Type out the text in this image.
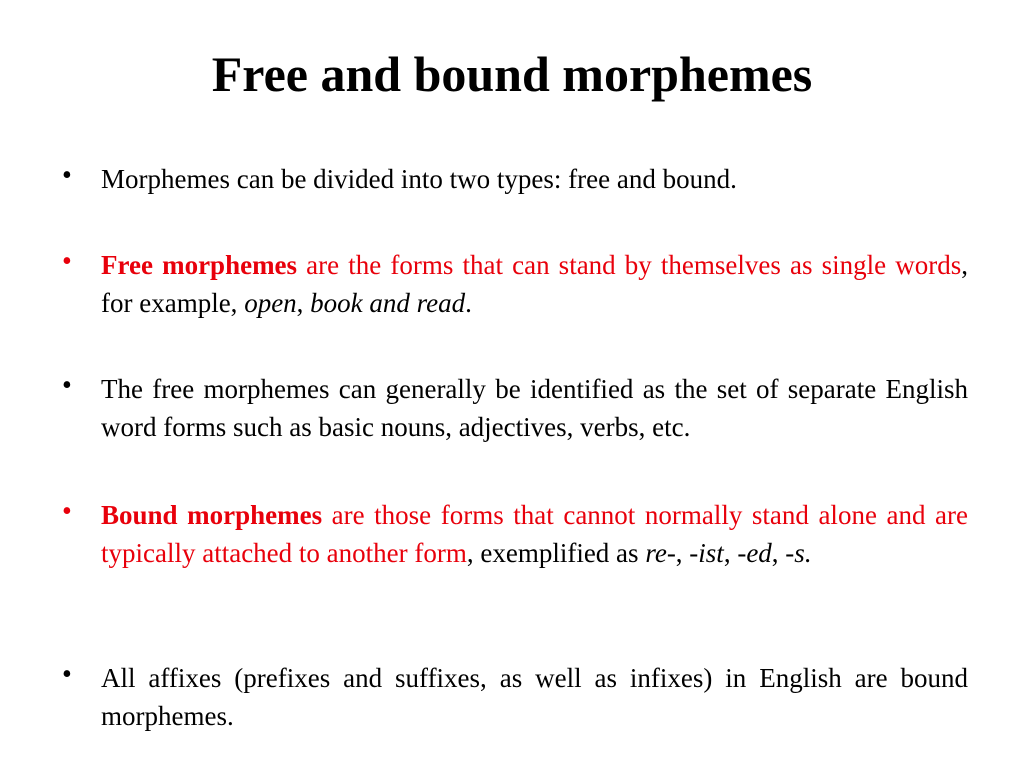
Free and bound morphemes
• Morphemes can be divided into two types: free and bound.
• Free morphemes are the forms that can stand by themselves as single words, for example, open, book and read.
• The free morphemes can generally be identified as the set of separate English word forms such as basic nouns, adjectives, verbs, etc.
• Bound morphemes are those forms that cannot normally stand alone and are typically attached to another form, exemplified as re-, -ist, -ed, -s.
• All affixes (prefixes and suffixes, as well as infixes) in English are bound morphemes.
